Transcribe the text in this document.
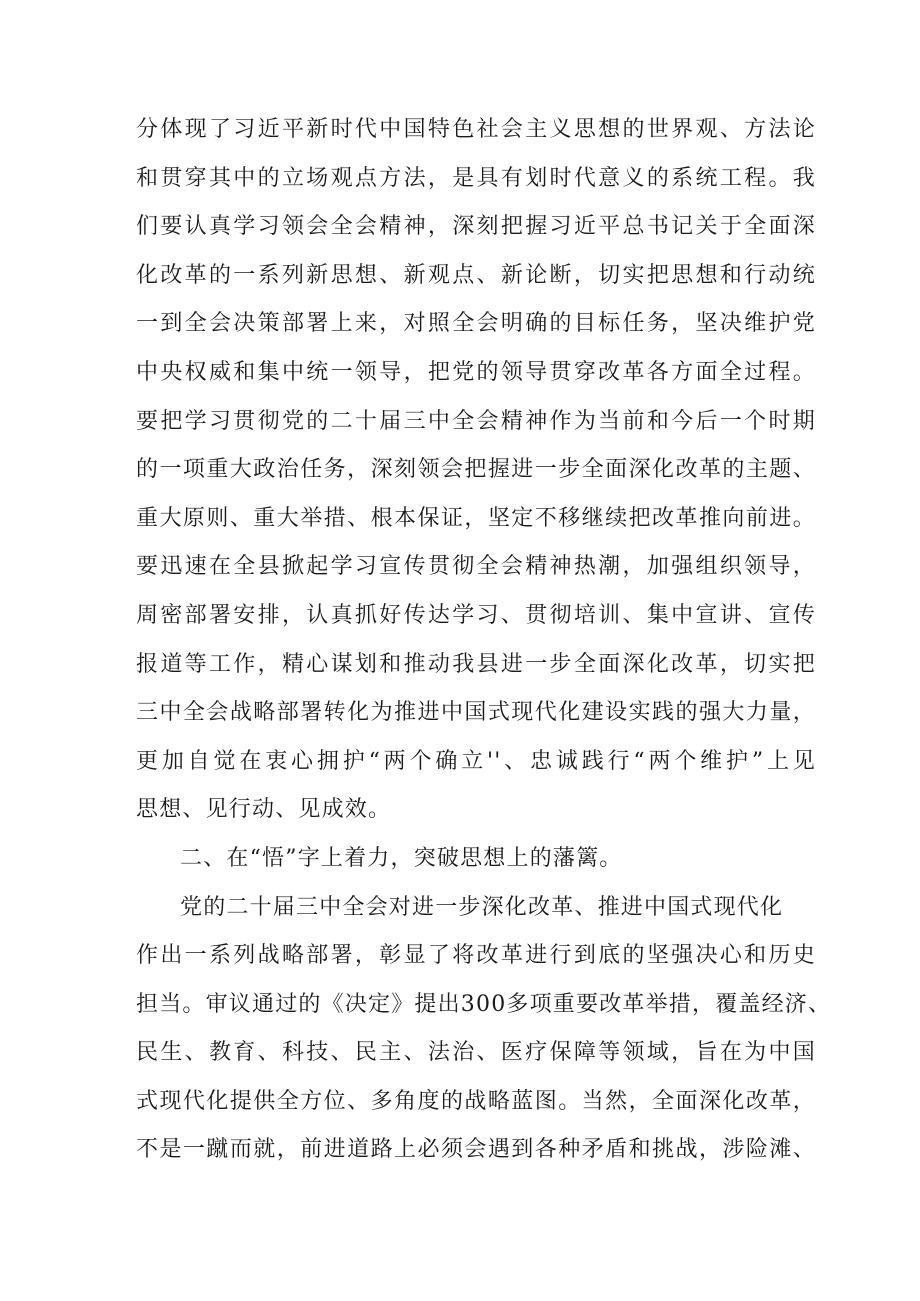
分体现了习近平新时代中国特色社会主义思想的世界观、方法论
和贯穿其中的立场观点方法，是具有划时代意义的系统工程。我
们要认真学习领会全会精神，深刻把握习近平总书记关于全面深
化改革的一系列新思想、新观点、新论断，切实把思想和行动统
一到全会决策部署上来，对照全会明确的目标任务，坚决维护党
中央权威和集中统一领导，把党的领导贯穿改革各方面全过程。
要把学习贯彻党的二十届三中全会精神作为当前和今后一个时期
的一项重大政治任务，深刻领会把握进一步全面深化改革的主题、
重大原则、重大举措、根本保证，坚定不移继续把改革推向前进。
要迅速在全县掀起学习宣传贯彻全会精神热潮，加强组织领导，
周密部署安排，认真抓好传达学习、贯彻培训、集中宣讲、宣传
报道等工作，精心谋划和推动我县进一步全面深化改革，切实把
三中全会战略部署转化为推进中国式现代化建设实践的强大力量，
更加自觉在衷心拥护“两个确立''、忠诚践行“两个维护”上见
思想、见行动、见成效。
二、在“悟”字上着力，突破思想上的藩篱。
党的二十届三中全会对进一步深化改革、推进中国式现代化
作出一系列战略部署，彰显了将改革进行到底的坚强决心和历史
担当。审议通过的《决定》提出300多项重要改革举措，覆盖经济、
民生、教育、科技、民主、法治、医疗保障等领域，旨在为中国
式现代化提供全方位、多角度的战略蓝图。当然，全面深化改革，
不是一蹴而就，前进道路上必须会遇到各种矛盾和挑战，涉险滩、
